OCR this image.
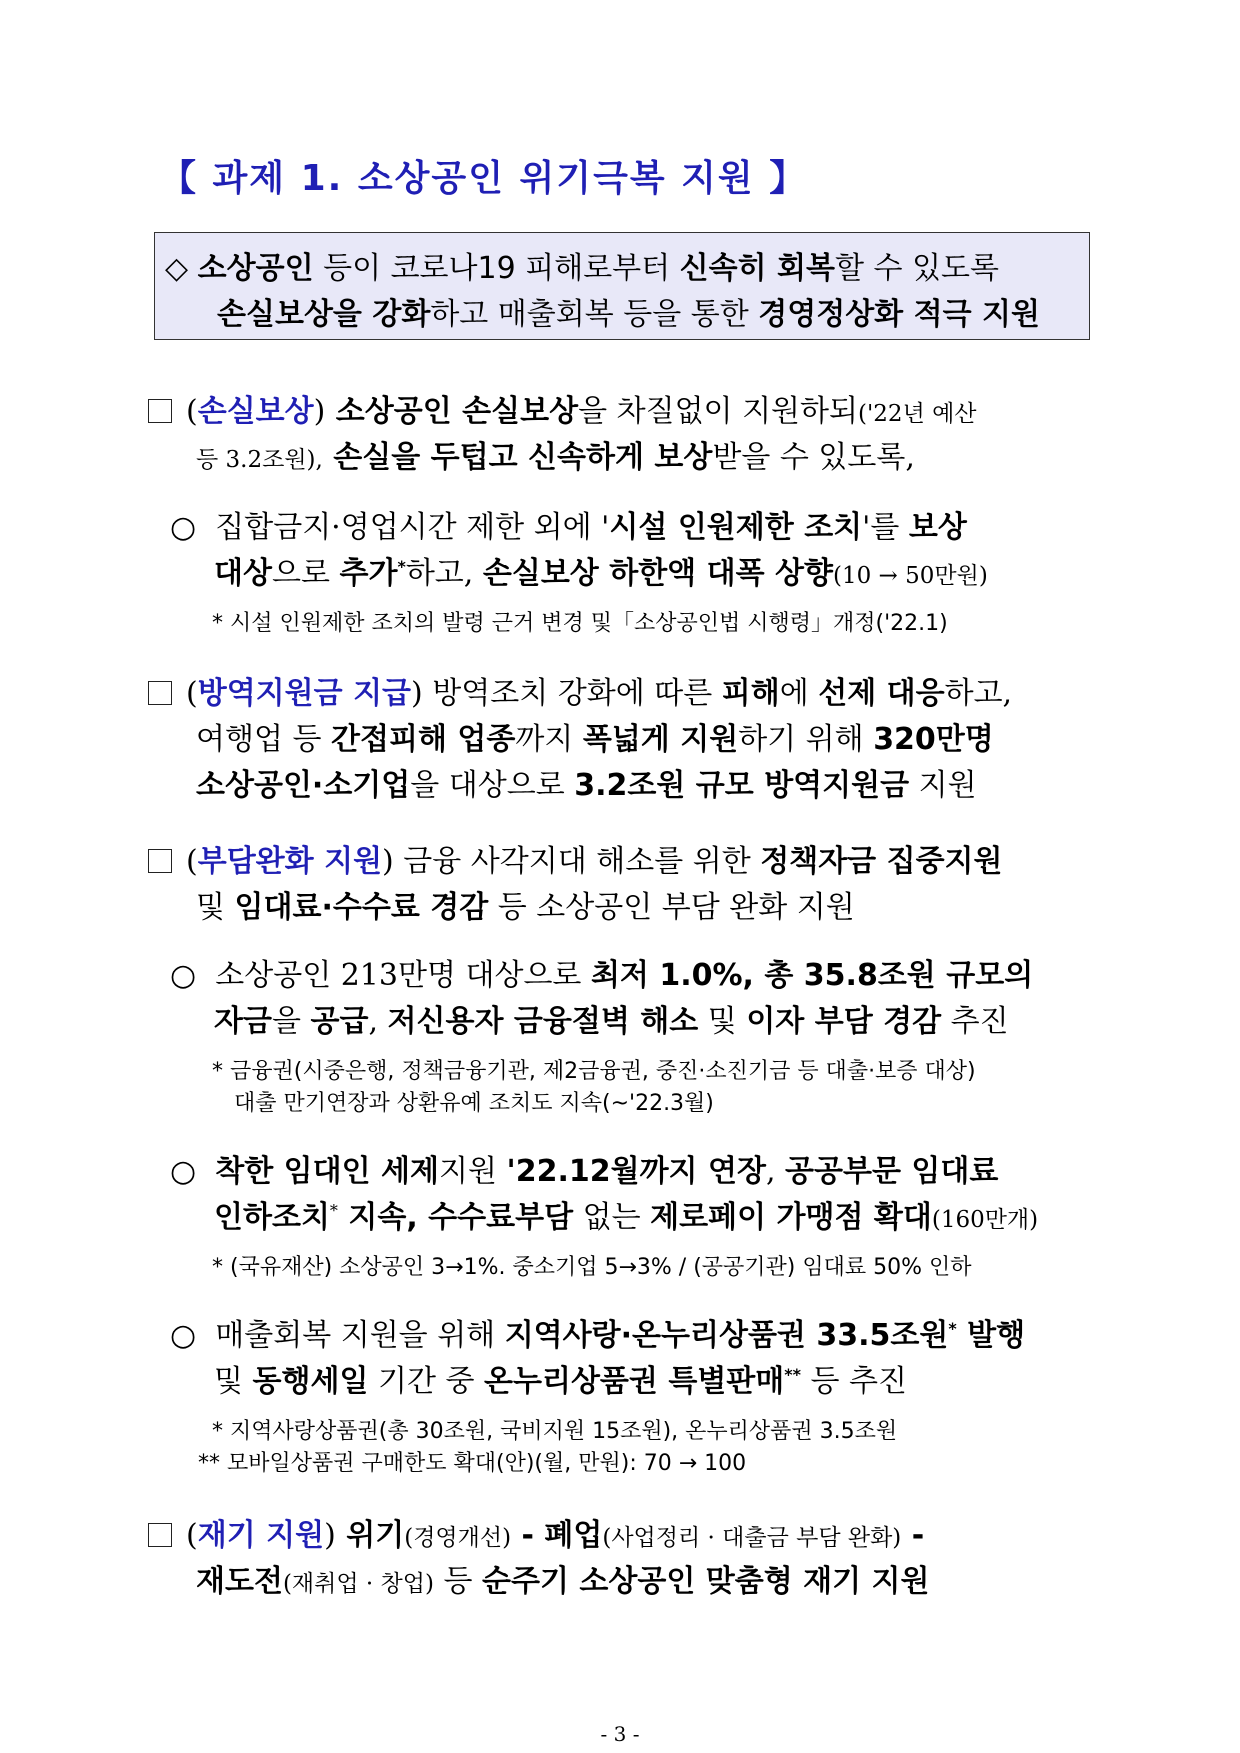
【 과제 1. 소상공인 위기극복 지원 】
◇ 소상공인 등이 코로나19 피해로부터 신속히 회복할 수 있도록
손실보상을 강화하고 매출회복 등을 통한 경영정상화 적극 지원
(손실보상) 소상공인 손실보상을 차질없이 지원하되('22년 예산
등 3.2조원), 손실을 두텁고 신속하게 보상받을 수 있도록,
○ 집합금지·영업시간 제한 외에 '시설 인원제한 조치'를 보상
대상으로 추가*하고, 손실보상 하한액 대폭 상향(10 → 50만원)
* 시설 인원제한 조치의 발령 근거 변경 및「소상공인법 시행령」개정('22.1)
(방역지원금 지급) 방역조치 강화에 따른 피해에 선제 대응하고,
여행업 등 간접피해 업종까지 폭넓게 지원하기 위해 320만명
소상공인·소기업을 대상으로 3.2조원 규모 방역지원금 지원
(부담완화 지원) 금융 사각지대 해소를 위한 정책자금 집중지원
및 임대료·수수료 경감 등 소상공인 부담 완화 지원
○ 소상공인 213만명 대상으로 최저 1.0%, 총 35.8조원 규모의
자금을 공급, 저신용자 금융절벽 해소 및 이자 부담 경감 추진
* 금융권(시중은행, 정책금융기관, 제2금융권, 중진·소진기금 등 대출·보증 대상)
대출 만기연장과 상환유예 조치도 지속(~'22.3월)
○ 착한 임대인 세제지원 '22.12월까지 연장, 공공부문 임대료
인하조치* 지속, 수수료부담 없는 제로페이 가맹점 확대(160만개)
* (국유재산) 소상공인 3→1%. 중소기업 5→3% / (공공기관) 임대료 50% 인하
○ 매출회복 지원을 위해 지역사랑·온누리상품권 33.5조원* 발행
및 동행세일 기간 중 온누리상품권 특별판매** 등 추진
* 지역사랑상품권(총 30조원, 국비지원 15조원), 온누리상품권 3.5조원
** 모바일상품권 구매한도 확대(안)(월, 만원): 70 → 100
(재기 지원) 위기(경영개선) - 폐업(사업정리 · 대출금 부담 완화) -
재도전(재취업 · 창업) 등 순주기 소상공인 맞춤형 재기 지원
- 3 -
